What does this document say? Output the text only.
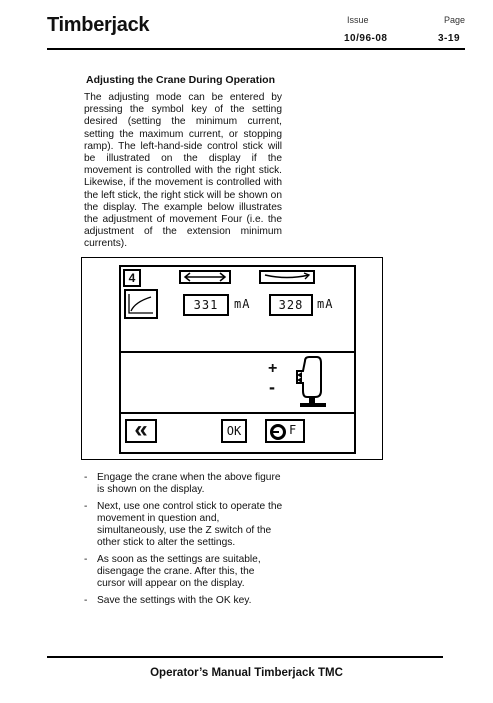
Timberjack	Issue
10/96-08
Page
3-19
Adjusting the Crane During Operation
The adjusting mode can be entered by pressing the symbol key of the setting desired (setting the minimum current, setting the maximum current, or stopping ramp). The left-hand-side control stick will be illustrated on the display if the movement is controlled with the right stick. Likewise, if the movement is controlled with the left stick, the right stick will be shown on the display. The example below illustrates the adjustment of movement Four (i.e. the adjustment of the extension minimum currents).
4
331	mA	328	mA
+
-
«	OK	F
- Engage the crane when the above figure is shown on the display.
- Next, use one control stick to operate the movement in question and, simultaneously, use the Z switch of the other stick to alter the settings.
- As soon as the settings are suitable, disengage the crane. After this, the cursor will appear on the display.
- Save the settings with the OK key.
Operator’s Manual Timberjack TMC
